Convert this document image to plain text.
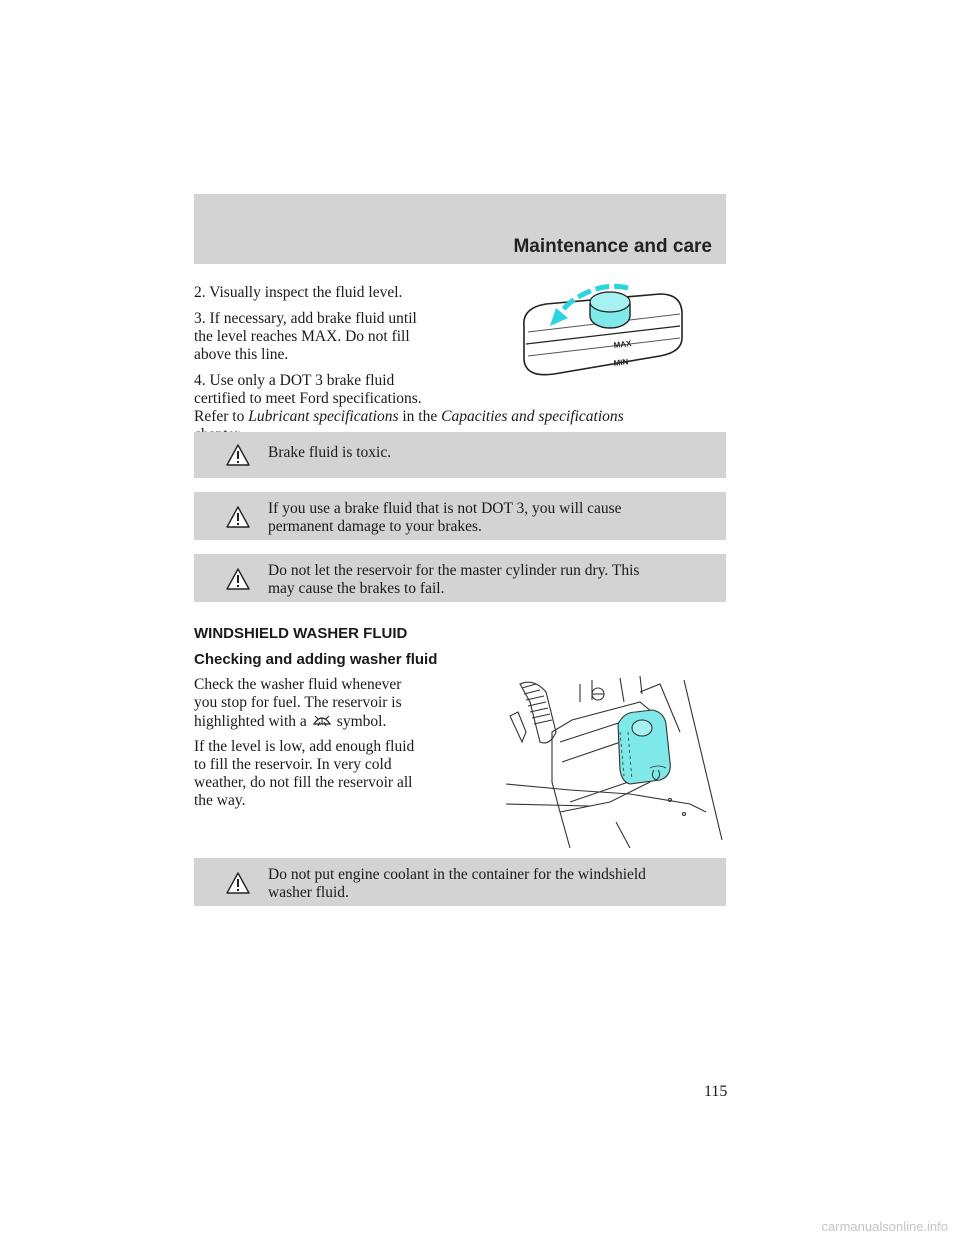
Maintenance and care

2. Visually inspect the fluid level.

3. If necessary, add brake fluid until

the level reaches MAX. Do not fill

above this line.

4. Use only a DOT 3 brake fluid

certified to meet Ford specifications.

Refer to Lubricant specifications in the Capacities and specifications

MAX
MIN
Brake fluid is toxic.
If you use a brake fluid that is not DOT 3, you will cause
permanent damage to your brakes.
Do not let the reservoir for the master cylinder run dry. This
may cause the brakes to fail.
WINDSHIELD WASHER FLUID
Checking and adding washer fluid

Check the washer fluid whenever

you stop for fuel. The reservoir is

highlighted with a symbol.

If the level is low, add enough fluid

to fill the reservoir. In very cold

weather, do not fill the reservoir all

the way.

Do not put engine coolant in the container for the windshield
washer fluid.
115
carmanualsonline.info
